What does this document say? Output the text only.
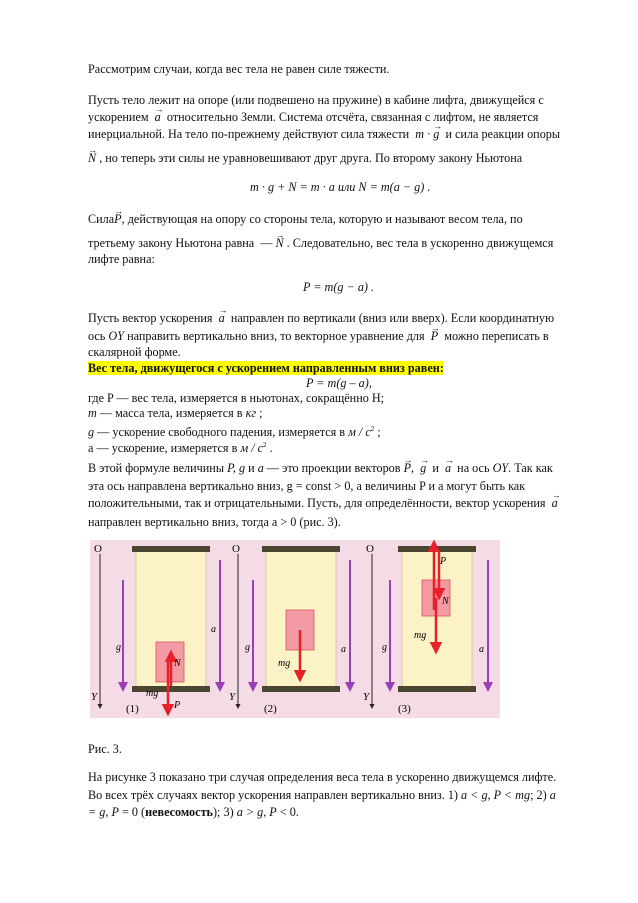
Рассмотрим случаи, когда вес тела не равен силе тяжести.
Пусть тело лежит на опоре (или подвешено на пружине) в кабине лифта, движущейся с
ускорением → a относительно Земли. Система отсчёта, связанная с лифтом, не является
инерциальной. На тело по-прежнему действуют сила тяжести m · → g и сила реакции опоры
→ N , но теперь эти силы не уравновешивают друг друга. По второму закону Ньютона
m · g + N = m · a или N = m(a − g) .
Сила→ P, действующая на опору со стороны тела, которую и называют весом тела, по
третьему закону Ньютона равна  — → N . Следовательно, вес тела в ускоренно движущемся
лифте равна:
P = m(g − a) .
Пусть вектор ускорения → a направлен по вертикали (вниз или вверх). Если координатную
ось OY направить вертикально вниз, то векторное уравнение для → P можно переписать в
скалярной форме.
Вес тела, движущегося с ускорением направленным вниз равен:
P = m(g – a),
где P — вес тела, измеряется в ньютонах, сокращённо Н;
m — масса тела, измеряется в кг ;
g — ускорение свободного падения, измеряется в м / $с^2$ ;
a — ускорение, измеряется в м / $с^2$ .
В этой формуле величины P, g и a — это проекции векторов → P, → g и → a на ось OY. Так как
эта ось направлена вертикально вниз, g = const > 0, а величины P и a могут быть как
положительными, так и отрицательными. Пусть, для определённости, вектор ускорения → a
направлен вертикально вниз, тогда a > 0 (рис. 3).
O
Y
g
a
N
mg
P
(1)
O
Y
g	a
mg
(2)
O
Y
g	a
P
N
mg
(3)
Рис. 3.
На рисунке 3 показано три случая определения веса тела в ускоренно движущемся лифте.
Во всех трёх случаях вектор ускорения направлен вертикально вниз. 1) a < g, P < mg; 2) a
= g, P = 0 (невесомость); 3) a > g, P < 0.
